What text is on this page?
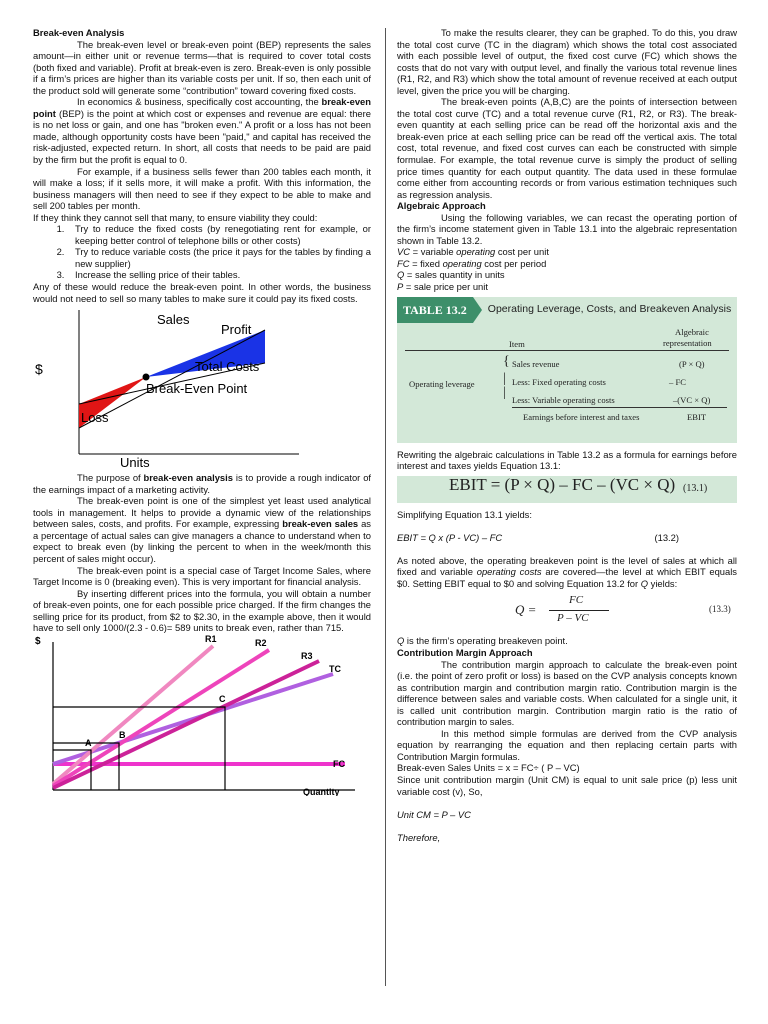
Break-even Analysis

The break-even level or break-even point (BEP) represents the sales amount—in either unit or revenue terms—that is required to cover total costs (both fixed and variable). Profit at break-even is zero. Break-even is only possible if a firm’s prices are higher than its variable costs per unit. If so, then each unit of the product sold will generate some “contribution” toward covering fixed costs.

In economics & business, specifically cost accounting, the break-even point (BEP) is the point at which cost or expenses and revenue are equal: there is no net loss or gain, and one has "broken even." A profit or a loss has not been made, although opportunity costs have been "paid," and capital has received the risk-adjusted, expected return. In short, all costs that needs to be paid are paid by the firm but the profit is equal to 0.

For example, if a business sells fewer than 200 tables each month, it will make a loss; if it sells more, it will make a profit. With this information, the business managers will then need to see if they expect to be able to make and sell 200 tables per month.

If they think they cannot sell that many, to ensure viability they could:

1. Try to reduce the fixed costs (by renegotiating rent for example, or keeping better control of telephone bills or other costs)
2. Try to reduce variable costs (the price it pays for the tables by finding a new supplier)
3. Increase the selling price of their tables.

Any of these would reduce the break-even point. In other words, the business would not need to sell so many tables to make sure it could pay its fixed costs.

Sales
Profit
$	Total Costs
Break-Even Point
Loss
Units

The purpose of break-even analysis is to provide a rough indicator of the earnings impact of a marketing activity.

The break-even point is one of the simplest yet least used analytical tools in management. It helps to provide a dynamic view of the relationships between sales, costs, and profits. For example, expressing break-even sales as a percentage of actual sales can give managers a chance to understand when to expect to break even (by linking the percent to when in the week/month this percent of sales might occur).

The break-even point is a special case of Target Income Sales, where Target Income is 0 (breaking even). This is very important for financial analysis.

By inserting different prices into the formula, you will obtain a number of break-even points, one for each possible price charged. If the firm changes the selling price for its product, from $2 to $2.30, in the example above, then it would have to sell only 1000/(2.3 - 0.6)= 589 units to break even, rather than 715.

$	R1	R2
R3
TC
FC
A
B
C
Quantity

To make the results clearer, they can be graphed. To do this, you draw the total cost curve (TC in the diagram) which shows the total cost associated with each possible level of output, the fixed cost curve (FC) which shows the costs that do not vary with output level, and finally the various total revenue lines (R1, R2, and R3) which show the total amount of revenue received at each output level, given the price you will be charging.

The break-even points (A,B,C) are the points of intersection between the total cost curve (TC) and a total revenue curve (R1, R2, or R3). The break-even quantity at each selling price can be read off the horizontal axis and the break-even price at each selling price can be read off the vertical axis. The total cost, total revenue, and fixed cost curves can each be constructed with simple formulae. For example, the total revenue curve is simply the product of selling price times quantity for each output quantity. The data used in these formulae come either from accounting records or from various estimation techniques such as regression analysis.

Algebraic Approach

Using the following variables, we can recast the operating portion of the firm’s income statement given in Table 13.1 into the algebraic representation shown in Table 13.2.

VC = variable operating cost per unit
FC = fixed operating cost per period
Q = sales quantity in units
P = sale price per unit
TABLE 13.2	Operating Leverage, Costs, and Breakeven Analysis
Algebraic
representation
Item
Operating leverage
{
|
|
Sales revenue	(P × Q)
Less: Fixed operating costs	– FC
Less: Variable operating costs	–(VC × Q)
Earnings before interest and taxes	EBIT

Rewriting the algebraic calculations in Table 13.2 as a formula for earnings before interest and taxes yields Equation 13.1:

EBIT = (P × Q) – FC – (VC × Q) (13.1)

Simplifying Equation 13.1 yields:

EBIT = Q x (P - VC) – FC	(13.2)

As noted above, the operating breakeven point is the level of sales at which all fixed and variable operating costs are covered—the level at which EBIT equals $0. Setting EBIT equal to $0 and solving Equation 13.2 for Q yields:

Q =
FC
P – VC
(13.3)

Q is the firm’s operating breakeven point.

Contribution Margin Approach

The contribution margin approach to calculate the break-even point (i.e. the point of zero profit or loss) is based on the CVP analysis concepts known as contribution margin and contribution margin ratio. Contribution margin is the difference between sales and variable costs. When calculated for a single unit, it is called unit contribution margin. Contribution margin ratio is the ratio of contribution margin to sales.

In this method simple formulas are derived from the CVP analysis equation by rearranging the equation and then replacing certain parts with Contribution Margin formulas.

Break-even Sales Units = x = FC÷ ( P – VC)

Since unit contribution margin (Unit CM) is equal to unit sale price (p) less unit variable cost (v), So,

Unit CM = P – VC

Therefore,
